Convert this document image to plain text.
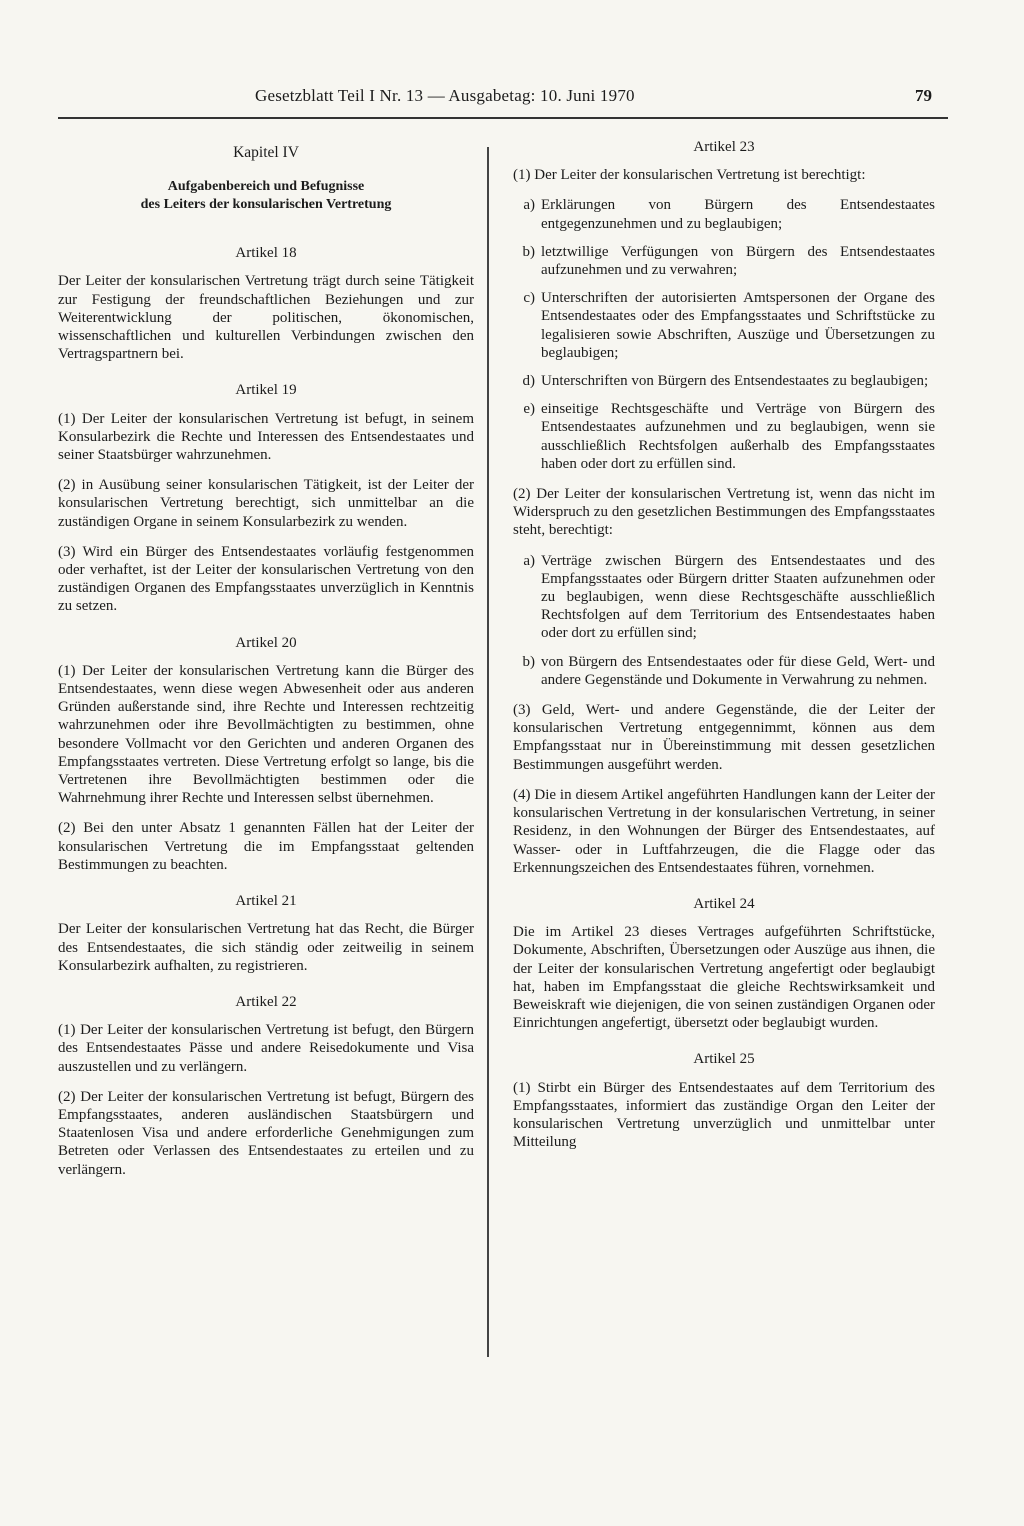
Gesetzblatt Teil I Nr. 13 — Ausgabetag: 10. Juni 1970	79
Kapitel IV
Aufgabenbereich und Befugnisse
des Leiters der konsularischen Vertretung
Artikel 18
Der Leiter der konsularischen Vertretung trägt durch seine Tätigkeit zur Festigung der freundschaftlichen Beziehungen und zur Weiterentwicklung der politischen, ökonomischen, wissenschaftlichen und kulturellen Verbindungen zwischen den Vertragspartnern bei.
Artikel 19
(1) Der Leiter der konsularischen Vertretung ist befugt, in seinem Konsularbezirk die Rechte und Interessen des Entsendestaates und seiner Staatsbürger wahrzunehmen.
(2) in Ausübung seiner konsularischen Tätigkeit, ist der Leiter der konsularischen Vertretung berechtigt, sich unmittelbar an die zuständigen Organe in seinem Konsularbezirk zu wenden.
(3) Wird ein Bürger des Entsendestaates vorläufig festgenommen oder verhaftet, ist der Leiter der konsularischen Vertretung von den zuständigen Organen des Empfangsstaates unverzüglich in Kenntnis zu setzen.
Artikel 20
(1) Der Leiter der konsularischen Vertretung kann die Bürger des Entsendestaates, wenn diese wegen Abwesenheit oder aus anderen Gründen außerstande sind, ihre Rechte und Interessen rechtzeitig wahrzunehmen oder ihre Bevollmächtigten zu bestimmen, ohne besondere Vollmacht vor den Gerichten und anderen Organen des Empfangsstaates vertreten. Diese Vertretung erfolgt so lange, bis die Vertretenen ihre Bevollmächtigten bestimmen oder die Wahrnehmung ihrer Rechte und Interessen selbst übernehmen.
(2) Bei den unter Absatz 1 genannten Fällen hat der Leiter der konsularischen Vertretung die im Empfangsstaat geltenden Bestimmungen zu beachten.
Artikel 21
Der Leiter der konsularischen Vertretung hat das Recht, die Bürger des Entsendestaates, die sich ständig oder zeitweilig in seinem Konsularbezirk aufhalten, zu registrieren.
Artikel 22
(1) Der Leiter der konsularischen Vertretung ist befugt, den Bürgern des Entsendestaates Pässe und andere Reisedokumente und Visa auszustellen und zu verlängern.
(2) Der Leiter der konsularischen Vertretung ist befugt, Bürgern des Empfangsstaates, anderen ausländischen Staatsbürgern und Staatenlosen Visa und andere erforderliche Genehmigungen zum Betreten oder Verlassen des Entsendestaates zu erteilen und zu verlängern.
Artikel 23
(1) Der Leiter der konsularischen Vertretung ist berechtigt:
a) Erklärungen von Bürgern des Entsendestaates entgegenzunehmen und zu beglaubigen;
b) letztwillige Verfügungen von Bürgern des Entsendestaates aufzunehmen und zu verwahren;
c) Unterschriften der autorisierten Amtspersonen der Organe des Entsendestaates oder des Empfangsstaates und Schriftstücke zu legalisieren sowie Abschriften, Auszüge und Übersetzungen zu beglaubigen;
d) Unterschriften von Bürgern des Entsendestaates zu beglaubigen;
e) einseitige Rechtsgeschäfte und Verträge von Bürgern des Entsendestaates aufzunehmen und zu beglaubigen, wenn sie ausschließlich Rechtsfolgen außerhalb des Empfangsstaates haben oder dort zu erfüllen sind.
(2) Der Leiter der konsularischen Vertretung ist, wenn das nicht im Widerspruch zu den gesetzlichen Bestimmungen des Empfangsstaates steht, berechtigt:
a) Verträge zwischen Bürgern des Entsendestaates und des Empfangsstaates oder Bürgern dritter Staaten aufzunehmen oder zu beglaubigen, wenn diese Rechtsgeschäfte ausschließlich Rechtsfolgen auf dem Territorium des Entsendestaates haben oder dort zu erfüllen sind;
b) von Bürgern des Entsendestaates oder für diese Geld, Wert- und andere Gegenstände und Dokumente in Verwahrung zu nehmen.
(3) Geld, Wert- und andere Gegenstände, die der Leiter der konsularischen Vertretung entgegennimmt, können aus dem Empfangsstaat nur in Übereinstimmung mit dessen gesetzlichen Bestimmungen ausgeführt werden.
(4) Die in diesem Artikel angeführten Handlungen kann der Leiter der konsularischen Vertretung in der konsularischen Vertretung, in seiner Residenz, in den Wohnungen der Bürger des Entsendestaates, auf Wasser- oder in Luftfahrzeugen, die die Flagge oder das Erkennungszeichen des Entsendestaates führen, vornehmen.
Artikel 24
Die im Artikel 23 dieses Vertrages aufgeführten Schriftstücke, Dokumente, Abschriften, Übersetzungen oder Auszüge aus ihnen, die der Leiter der konsularischen Vertretung angefertigt oder beglaubigt hat, haben im Empfangsstaat die gleiche Rechtswirksamkeit und Beweiskraft wie diejenigen, die von seinen zuständigen Organen oder Einrichtungen angefertigt, übersetzt oder beglaubigt wurden.
Artikel 25
(1) Stirbt ein Bürger des Entsendestaates auf dem Territorium des Empfangsstaates, informiert das zuständige Organ den Leiter der konsularischen Vertretung unverzüglich und unmittelbar unter Mitteilung
